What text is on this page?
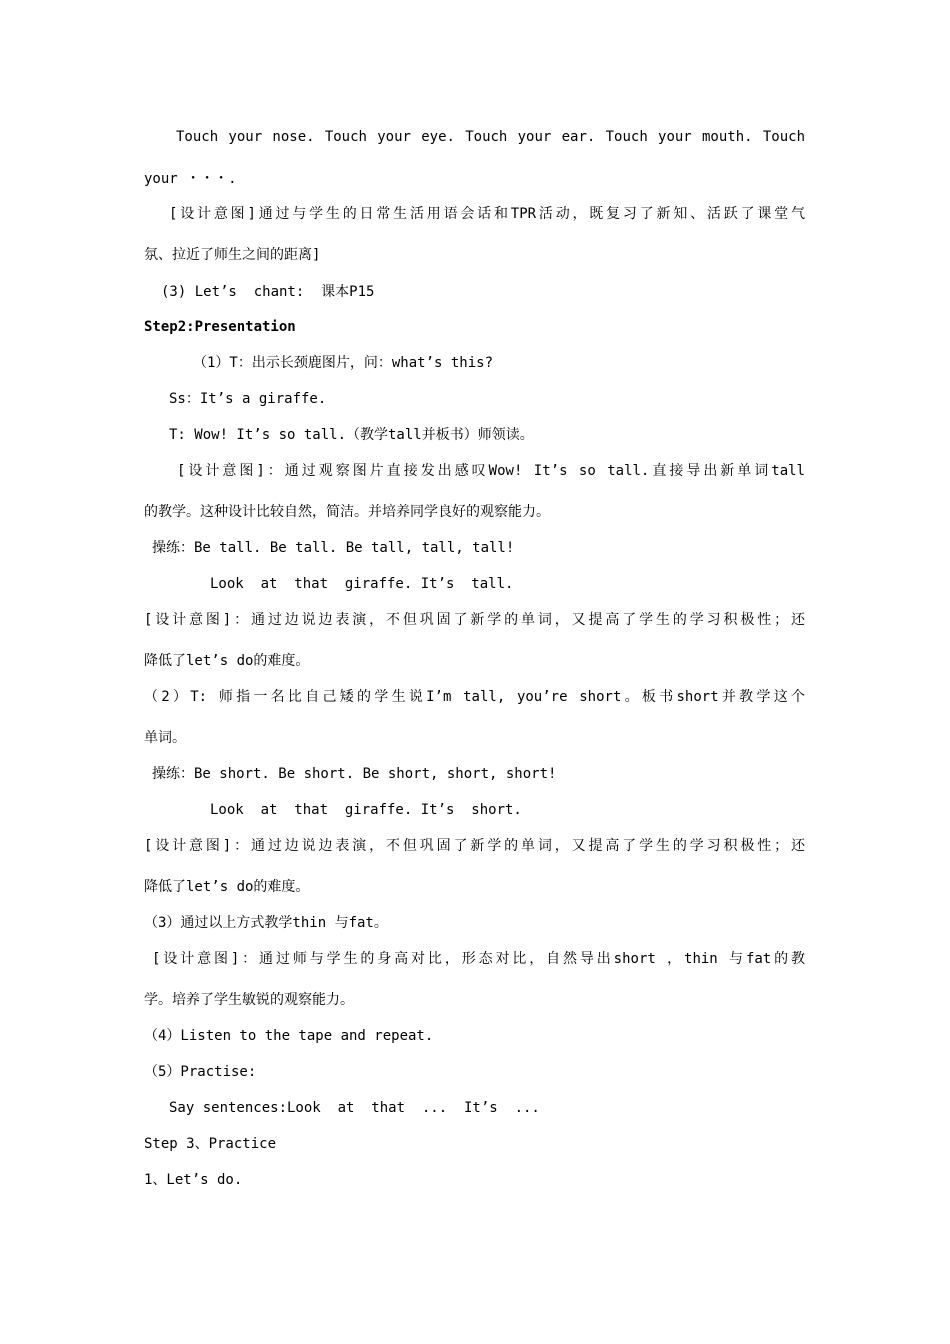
Touch your nose. Touch your eye. Touch your ear. Touch your mouth. Touch
your ・・・.
[设计意图]通过与学生的日常生活用语会话和TPR活动，既复习了新知、活跃了课堂气
氛、拉近了师生之间的距离]
(3) Let’s  chant:  课本P15
Step2:Presentation
（1）T：出示长颈鹿图片，问：what’s this?
Ss：It’s a giraffe.
T: Wow! It’s so tall.（教学tall并板书）师领读。
[设计意图]：通过观察图片直接发出感叹Wow! It’s so tall.直接导出新单词tall
的教学。这种设计比较自然，简洁。并培养同学良好的观察能力。
操练：Be tall. Be tall. Be tall, tall, tall!
Look  at  that  giraffe. It’s  tall.
[设计意图]：通过边说边表演，不但巩固了新学的单词，又提高了学生的学习积极性；还
降低了let’s do的难度。
（2）T: 师指一名比自己矮的学生说I’m tall, you’re short。板书short并教学这个
单词。
操练：Be short. Be short. Be short, short, short!
Look  at  that  giraffe. It’s  short.
[设计意图]：通过边说边表演，不但巩固了新学的单词，又提高了学生的学习积极性；还
降低了let’s do的难度。
（3）通过以上方式教学thin 与fat。
[设计意图]：通过师与学生的身高对比，形态对比，自然导出short ，thin 与fat的教
学。培养了学生敏锐的观察能力。
（4）Listen to the tape and repeat.
（5）Practise:
Say sentences:Look  at  that  ...  It’s  ...
Step 3、Practice
1、Let’s do.
